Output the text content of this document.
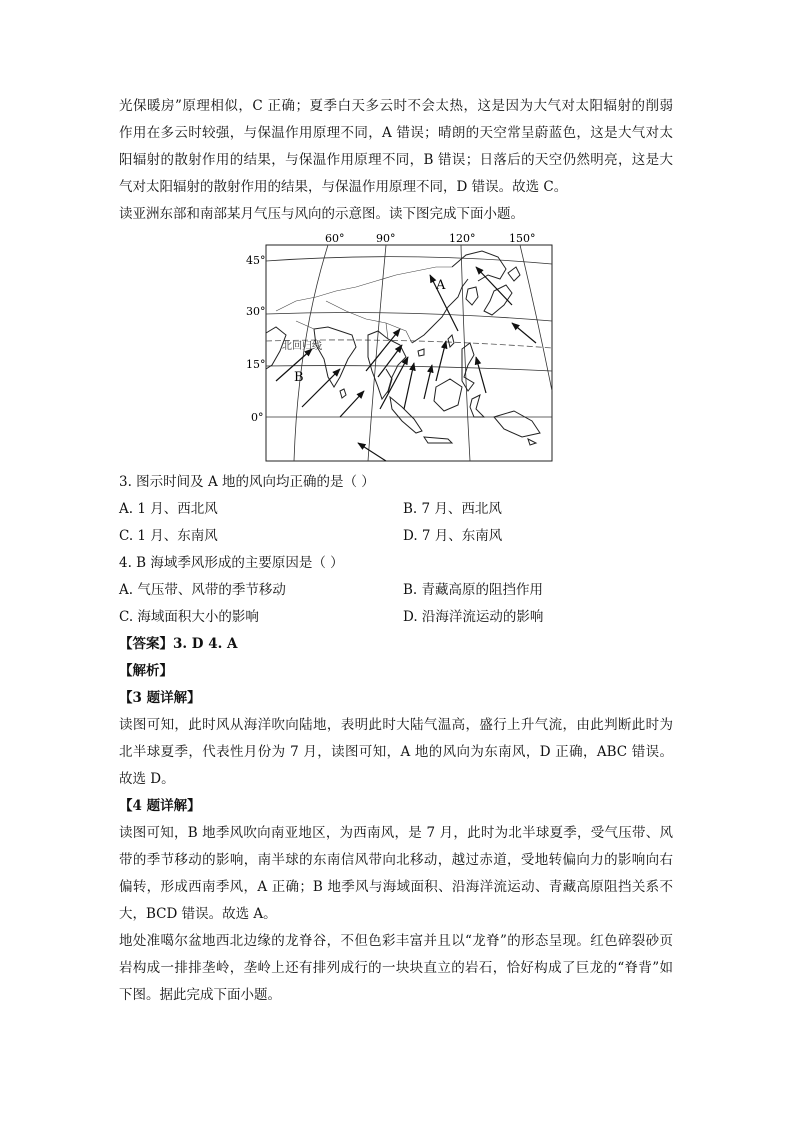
光保暖房”原理相似，C 正确；夏季白天多云时不会太热，这是因为大气对太阳辐射的削弱
作用在多云时较强，与保温作用原理不同，A 错误；晴朗的天空常呈蔚蓝色，这是大气对太
阳辐射的散射作用的结果，与保温作用原理不同，B 错误；日落后的天空仍然明亮，这是大
气对太阳辐射的散射作用的结果，与保温作用原理不同，D 错误。故选 C。
读亚洲东部和南部某月气压与风向的示意图。读下图完成下面小题。
60°	90°	120°	150°
45°
30°
15°
0°
北回归线
A
B
3. 图示时间及 A 地的风向均正确的是（ ）
A. 1 月、西北风	B. 7 月、西北风
C. 1 月、东南风	D. 7 月、东南风
4. B 海域季风形成的主要原因是（ ）
A. 气压带、风带的季节移动	B. 青藏高原的阻挡作用
C. 海域面积大小的影响	D. 沿海洋流运动的影响
【答案】3. D 4. A
【解析】
【3 题详解】
读图可知，此时风从海洋吹向陆地，表明此时大陆气温高，盛行上升气流，由此判断此时为
北半球夏季，代表性月份为 7 月，读图可知，A 地的风向为东南风，D 正确，ABC 错误。
故选 D。
【4 题详解】
读图可知，B 地季风吹向南亚地区，为西南风，是 7 月，此时为北半球夏季，受气压带、风
带的季节移动的影响，南半球的东南信风带向北移动，越过赤道，受地转偏向力的影响向右
偏转，形成西南季风，A 正确；B 地季风与海域面积、沿海洋流运动、青藏高原阻挡关系不
大，BCD 错误。故选 A。
地处准噶尔盆地西北边缘的龙脊谷，不但色彩丰富并且以“龙脊”的形态呈现。红色碎裂砂页
岩构成一排排垄岭，垄岭上还有排列成行的一块块直立的岩石，恰好构成了巨龙的“脊背”如
下图。据此完成下面小题。
